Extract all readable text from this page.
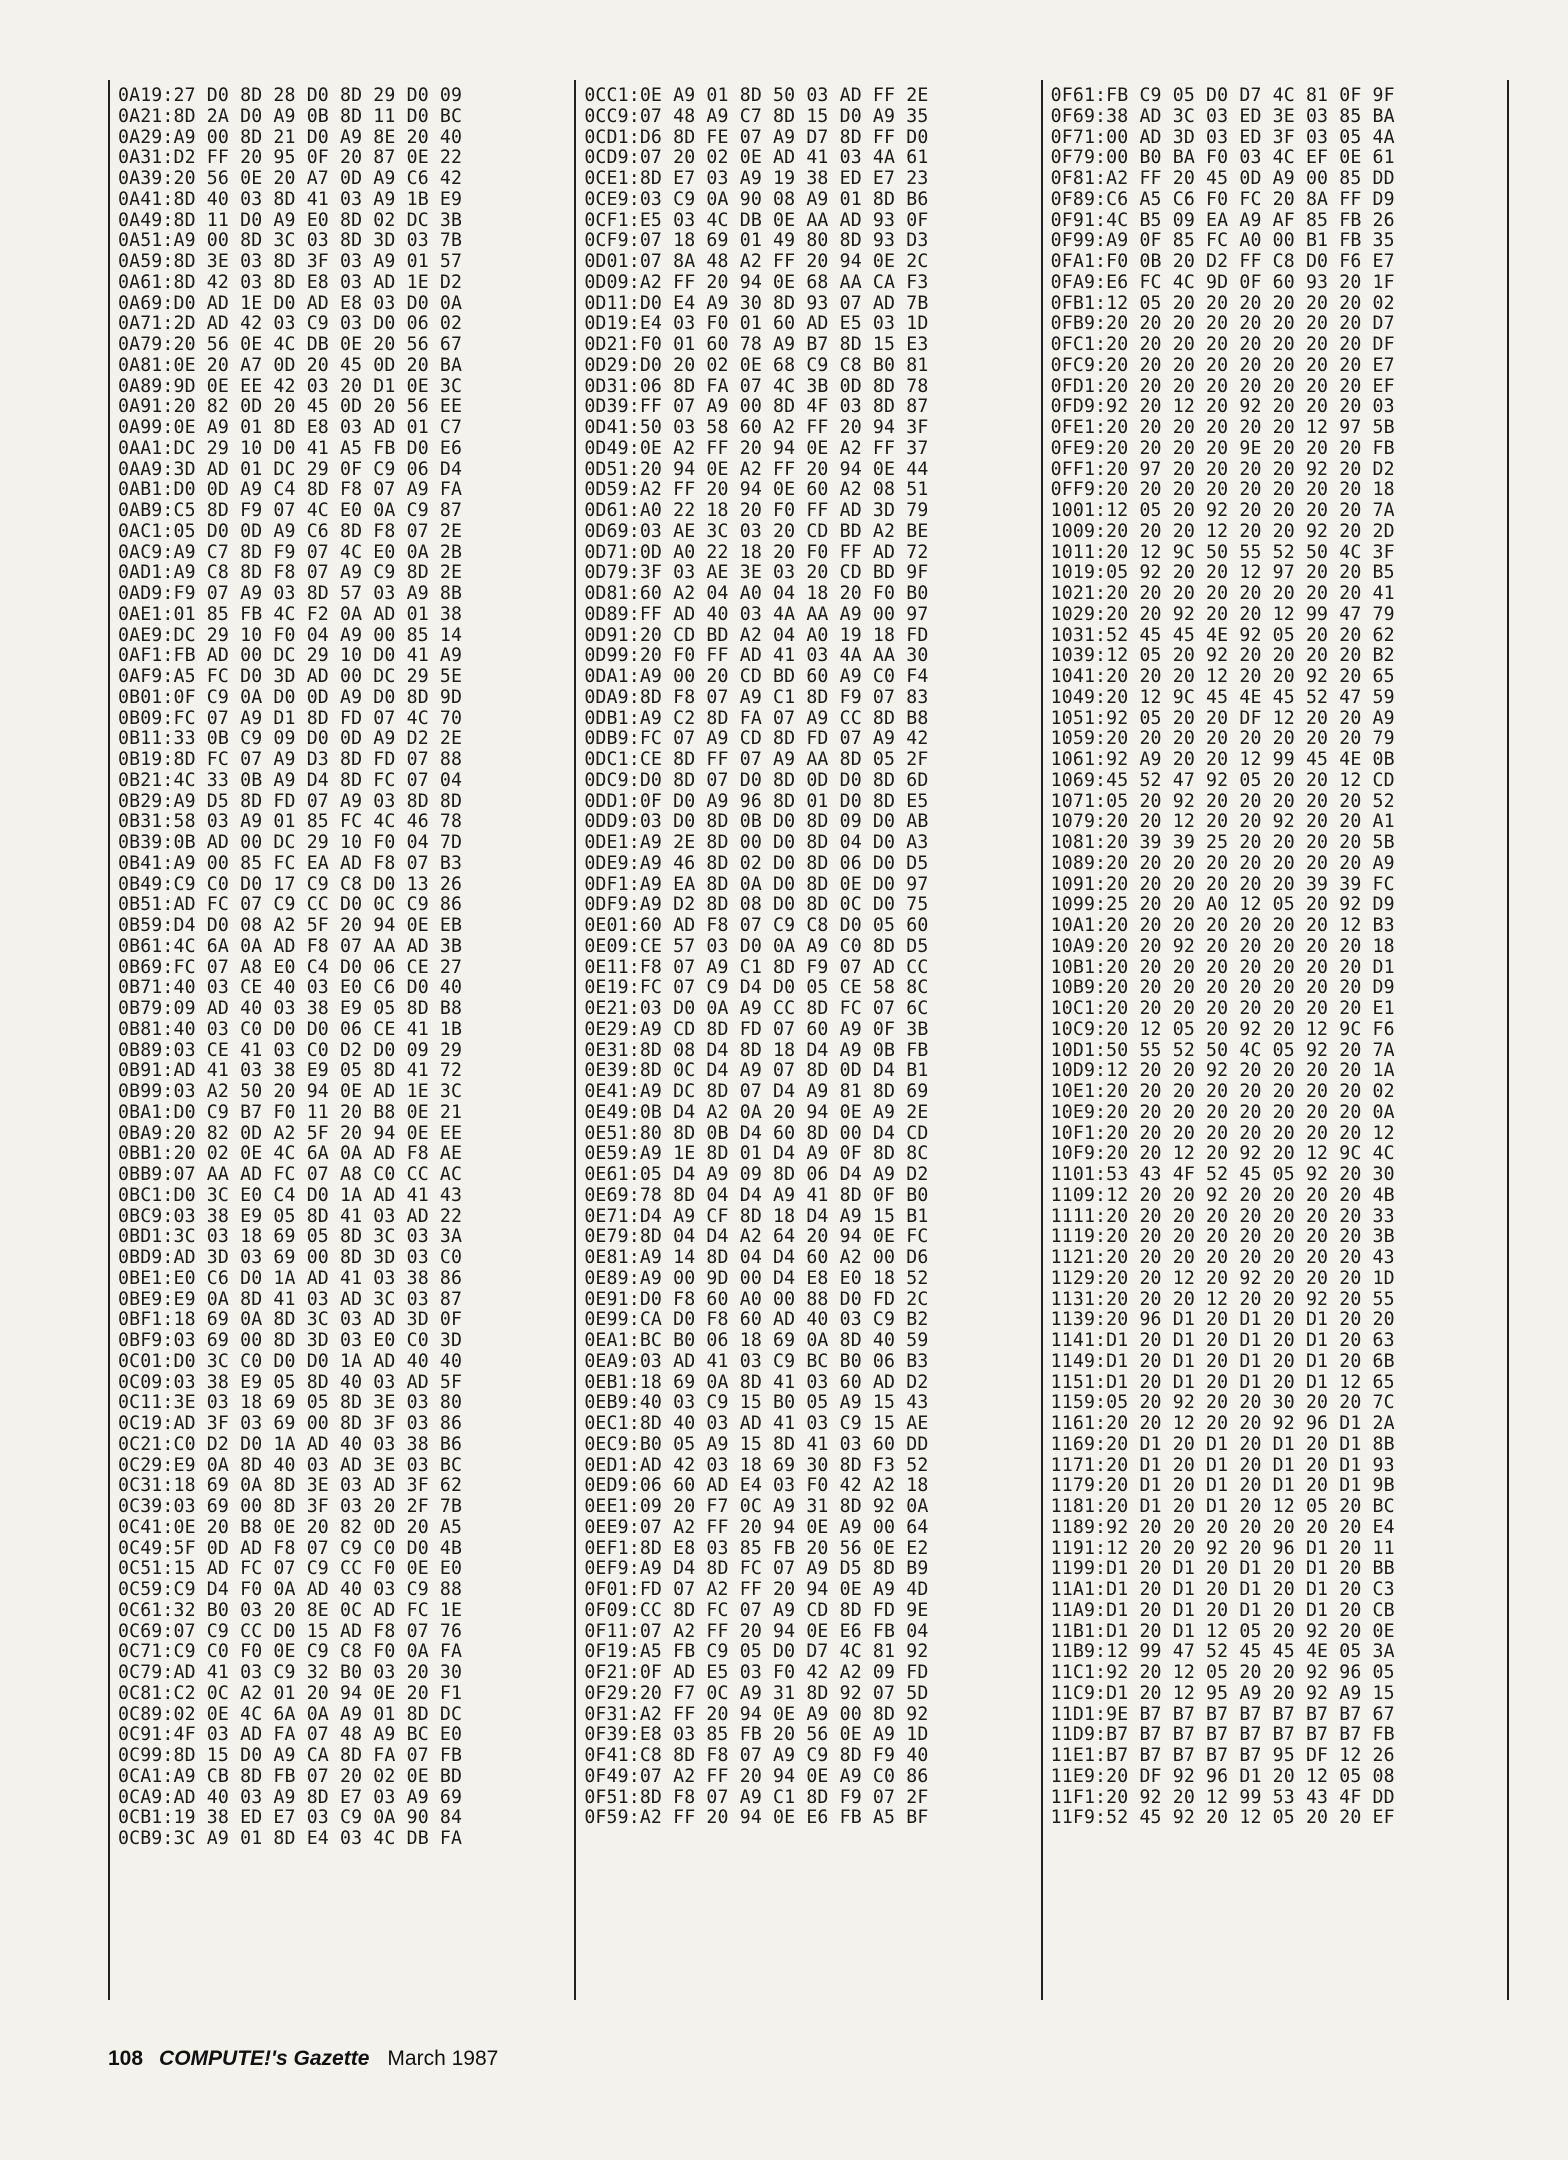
0A19:27 D0 8D 28 D0 8D 29 D0 09
0A21:8D 2A D0 A9 0B 8D 11 D0 BC
0A29:A9 00 8D 21 D0 A9 8E 20 40
0A31:D2 FF 20 95 0F 20 87 0E 22
0A39:20 56 0E 20 A7 0D A9 C6 42
0A41:8D 40 03 8D 41 03 A9 1B E9
0A49:8D 11 D0 A9 E0 8D 02 DC 3B
0A51:A9 00 8D 3C 03 8D 3D 03 7B
0A59:8D 3E 03 8D 3F 03 A9 01 57
0A61:8D 42 03 8D E8 03 AD 1E D2
0A69:D0 AD 1E D0 AD E8 03 D0 0A
0A71:2D AD 42 03 C9 03 D0 06 02
0A79:20 56 0E 4C DB 0E 20 56 67
0A81:0E 20 A7 0D 20 45 0D 20 BA
0A89:9D 0E EE 42 03 20 D1 0E 3C
0A91:20 82 0D 20 45 0D 20 56 EE
0A99:0E A9 01 8D E8 03 AD 01 C7
0AA1:DC 29 10 D0 41 A5 FB D0 E6
0AA9:3D AD 01 DC 29 0F C9 06 D4
0AB1:D0 0D A9 C4 8D F8 07 A9 FA
0AB9:C5 8D F9 07 4C E0 0A C9 87
0AC1:05 D0 0D A9 C6 8D F8 07 2E
0AC9:A9 C7 8D F9 07 4C E0 0A 2B
0AD1:A9 C8 8D F8 07 A9 C9 8D 2E
0AD9:F9 07 A9 03 8D 57 03 A9 8B
0AE1:01 85 FB 4C F2 0A AD 01 38
0AE9:DC 29 10 F0 04 A9 00 85 14
0AF1:FB AD 00 DC 29 10 D0 41 A9
0AF9:A5 FC D0 3D AD 00 DC 29 5E
0B01:0F C9 0A D0 0D A9 D0 8D 9D
0B09:FC 07 A9 D1 8D FD 07 4C 70
0B11:33 0B C9 09 D0 0D A9 D2 2E
0B19:8D FC 07 A9 D3 8D FD 07 88
0B21:4C 33 0B A9 D4 8D FC 07 04
0B29:A9 D5 8D FD 07 A9 03 8D 8D
0B31:58 03 A9 01 85 FC 4C 46 78
0B39:0B AD 00 DC 29 10 F0 04 7D
0B41:A9 00 85 FC EA AD F8 07 B3
0B49:C9 C0 D0 17 C9 C8 D0 13 26
0B51:AD FC 07 C9 CC D0 0C C9 86
0B59:D4 D0 08 A2 5F 20 94 0E EB
0B61:4C 6A 0A AD F8 07 AA AD 3B
0B69:FC 07 A8 E0 C4 D0 06 CE 27
0B71:40 03 CE 40 03 E0 C6 D0 40
0B79:09 AD 40 03 38 E9 05 8D B8
0B81:40 03 C0 D0 D0 06 CE 41 1B
0B89:03 CE 41 03 C0 D2 D0 09 29
0B91:AD 41 03 38 E9 05 8D 41 72
0B99:03 A2 50 20 94 0E AD 1E 3C
0BA1:D0 C9 B7 F0 11 20 B8 0E 21
0BA9:20 82 0D A2 5F 20 94 0E EE
0BB1:20 02 0E 4C 6A 0A AD F8 AE
0BB9:07 AA AD FC 07 A8 C0 CC AC
0BC1:D0 3C E0 C4 D0 1A AD 41 43
0BC9:03 38 E9 05 8D 41 03 AD 22
0BD1:3C 03 18 69 05 8D 3C 03 3A
0BD9:AD 3D 03 69 00 8D 3D 03 C0
0BE1:E0 C6 D0 1A AD 41 03 38 86
0BE9:E9 0A 8D 41 03 AD 3C 03 87
0BF1:18 69 0A 8D 3C 03 AD 3D 0F
0BF9:03 69 00 8D 3D 03 E0 C0 3D
0C01:D0 3C C0 D0 D0 1A AD 40 40
0C09:03 38 E9 05 8D 40 03 AD 5F
0C11:3E 03 18 69 05 8D 3E 03 80
0C19:AD 3F 03 69 00 8D 3F 03 86
0C21:C0 D2 D0 1A AD 40 03 38 B6
0C29:E9 0A 8D 40 03 AD 3E 03 BC
0C31:18 69 0A 8D 3E 03 AD 3F 62
0C39:03 69 00 8D 3F 03 20 2F 7B
0C41:0E 20 B8 0E 20 82 0D 20 A5
0C49:5F 0D AD F8 07 C9 C0 D0 4B
0C51:15 AD FC 07 C9 CC F0 0E E0
0C59:C9 D4 F0 0A AD 40 03 C9 88
0C61:32 B0 03 20 8E 0C AD FC 1E
0C69:07 C9 CC D0 15 AD F8 07 76
0C71:C9 C0 F0 0E C9 C8 F0 0A FA
0C79:AD 41 03 C9 32 B0 03 20 30
0C81:C2 0C A2 01 20 94 0E 20 F1
0C89:02 0E 4C 6A 0A A9 01 8D DC
0C91:4F 03 AD FA 07 48 A9 BC E0
0C99:8D 15 D0 A9 CA 8D FA 07 FB
0CA1:A9 CB 8D FB 07 20 02 0E BD
0CA9:AD 40 03 A9 8D E7 03 A9 69
0CB1:19 38 ED E7 03 C9 0A 90 84
0CB9:3C A9 01 8D E4 03 4C DB FA
0CC1:0E A9 01 8D 50 03 AD FF 2E
0CC9:07 48 A9 C7 8D 15 D0 A9 35
0CD1:D6 8D FE 07 A9 D7 8D FF D0
0CD9:07 20 02 0E AD 41 03 4A 61
0CE1:8D E7 03 A9 19 38 ED E7 23
0CE9:03 C9 0A 90 08 A9 01 8D B6
0CF1:E5 03 4C DB 0E AA AD 93 0F
0CF9:07 18 69 01 49 80 8D 93 D3
0D01:07 8A 48 A2 FF 20 94 0E 2C
0D09:A2 FF 20 94 0E 68 AA CA F3
0D11:D0 E4 A9 30 8D 93 07 AD 7B
0D19:E4 03 F0 01 60 AD E5 03 1D
0D21:F0 01 60 78 A9 B7 8D 15 E3
0D29:D0 20 02 0E 68 C9 C8 B0 81
0D31:06 8D FA 07 4C 3B 0D 8D 78
0D39:FF 07 A9 00 8D 4F 03 8D 87
0D41:50 03 58 60 A2 FF 20 94 3F
0D49:0E A2 FF 20 94 0E A2 FF 37
0D51:20 94 0E A2 FF 20 94 0E 44
0D59:A2 FF 20 94 0E 60 A2 08 51
0D61:A0 22 18 20 F0 FF AD 3D 79
0D69:03 AE 3C 03 20 CD BD A2 BE
0D71:0D A0 22 18 20 F0 FF AD 72
0D79:3F 03 AE 3E 03 20 CD BD 9F
0D81:60 A2 04 A0 04 18 20 F0 B0
0D89:FF AD 40 03 4A AA A9 00 97
0D91:20 CD BD A2 04 A0 19 18 FD
0D99:20 F0 FF AD 41 03 4A AA 30
0DA1:A9 00 20 CD BD 60 A9 C0 F4
0DA9:8D F8 07 A9 C1 8D F9 07 83
0DB1:A9 C2 8D FA 07 A9 CC 8D B8
0DB9:FC 07 A9 CD 8D FD 07 A9 42
0DC1:CE 8D FF 07 A9 AA 8D 05 2F
0DC9:D0 8D 07 D0 8D 0D D0 8D 6D
0DD1:0F D0 A9 96 8D 01 D0 8D E5
0DD9:03 D0 8D 0B D0 8D 09 D0 AB
0DE1:A9 2E 8D 00 D0 8D 04 D0 A3
0DE9:A9 46 8D 02 D0 8D 06 D0 D5
0DF1:A9 EA 8D 0A D0 8D 0E D0 97
0DF9:A9 D2 8D 08 D0 8D 0C D0 75
0E01:60 AD F8 07 C9 C8 D0 05 60
0E09:CE 57 03 D0 0A A9 C0 8D D5
0E11:F8 07 A9 C1 8D F9 07 AD CC
0E19:FC 07 C9 D4 D0 05 CE 58 8C
0E21:03 D0 0A A9 CC 8D FC 07 6C
0E29:A9 CD 8D FD 07 60 A9 0F 3B
0E31:8D 08 D4 8D 18 D4 A9 0B FB
0E39:8D 0C D4 A9 07 8D 0D D4 B1
0E41:A9 DC 8D 07 D4 A9 81 8D 69
0E49:0B D4 A2 0A 20 94 0E A9 2E
0E51:80 8D 0B D4 60 8D 00 D4 CD
0E59:A9 1E 8D 01 D4 A9 0F 8D 8C
0E61:05 D4 A9 09 8D 06 D4 A9 D2
0E69:78 8D 04 D4 A9 41 8D 0F B0
0E71:D4 A9 CF 8D 18 D4 A9 15 B1
0E79:8D 04 D4 A2 64 20 94 0E FC
0E81:A9 14 8D 04 D4 60 A2 00 D6
0E89:A9 00 9D 00 D4 E8 E0 18 52
0E91:D0 F8 60 A0 00 88 D0 FD 2C
0E99:CA D0 F8 60 AD 40 03 C9 B2
0EA1:BC B0 06 18 69 0A 8D 40 59
0EA9:03 AD 41 03 C9 BC B0 06 B3
0EB1:18 69 0A 8D 41 03 60 AD D2
0EB9:40 03 C9 15 B0 05 A9 15 43
0EC1:8D 40 03 AD 41 03 C9 15 AE
0EC9:B0 05 A9 15 8D 41 03 60 DD
0ED1:AD 42 03 18 69 30 8D F3 52
0ED9:06 60 AD E4 03 F0 42 A2 18
0EE1:09 20 F7 0C A9 31 8D 92 0A
0EE9:07 A2 FF 20 94 0E A9 00 64
0EF1:8D E8 03 85 FB 20 56 0E E2
0EF9:A9 D4 8D FC 07 A9 D5 8D B9
0F01:FD 07 A2 FF 20 94 0E A9 4D
0F09:CC 8D FC 07 A9 CD 8D FD 9E
0F11:07 A2 FF 20 94 0E E6 FB 04
0F19:A5 FB C9 05 D0 D7 4C 81 92
0F21:0F AD E5 03 F0 42 A2 09 FD
0F29:20 F7 0C A9 31 8D 92 07 5D
0F31:A2 FF 20 94 0E A9 00 8D 92
0F39:E8 03 85 FB 20 56 0E A9 1D
0F41:C8 8D F8 07 A9 C9 8D F9 40
0F49:07 A2 FF 20 94 0E A9 C0 86
0F51:8D F8 07 A9 C1 8D F9 07 2F
0F59:A2 FF 20 94 0E E6 FB A5 BF
0F61:FB C9 05 D0 D7 4C 81 0F 9F
0F69:38 AD 3C 03 ED 3E 03 85 BA
0F71:00 AD 3D 03 ED 3F 03 05 4A
0F79:00 B0 BA F0 03 4C EF 0E 61
0F81:A2 FF 20 45 0D A9 00 85 DD
0F89:C6 A5 C6 F0 FC 20 8A FF D9
0F91:4C B5 09 EA A9 AF 85 FB 26
0F99:A9 0F 85 FC A0 00 B1 FB 35
0FA1:F0 0B 20 D2 FF C8 D0 F6 E7
0FA9:E6 FC 4C 9D 0F 60 93 20 1F
0FB1:12 05 20 20 20 20 20 20 02
0FB9:20 20 20 20 20 20 20 20 D7
0FC1:20 20 20 20 20 20 20 20 DF
0FC9:20 20 20 20 20 20 20 20 E7
0FD1:20 20 20 20 20 20 20 20 EF
0FD9:92 20 12 20 92 20 20 20 03
0FE1:20 20 20 20 20 20 12 97 5B
0FE9:20 20 20 20 9E 20 20 20 FB
0FF1:20 97 20 20 20 20 92 20 D2
0FF9:20 20 20 20 20 20 20 20 18
1001:12 05 20 92 20 20 20 20 7A
1009:20 20 20 12 20 20 92 20 2D
1011:20 12 9C 50 55 52 50 4C 3F
1019:05 92 20 20 12 97 20 20 B5
1021:20 20 20 20 20 20 20 20 41
1029:20 20 92 20 20 12 99 47 79
1031:52 45 45 4E 92 05 20 20 62
1039:12 05 20 92 20 20 20 20 B2
1041:20 20 20 12 20 20 92 20 65
1049:20 12 9C 45 4E 45 52 47 59
1051:92 05 20 20 DF 12 20 20 A9
1059:20 20 20 20 20 20 20 20 79
1061:92 A9 20 20 12 99 45 4E 0B
1069:45 52 47 92 05 20 20 12 CD
1071:05 20 92 20 20 20 20 20 52
1079:20 20 12 20 20 92 20 20 A1
1081:20 39 39 25 20 20 20 20 5B
1089:20 20 20 20 20 20 20 20 A9
1091:20 20 20 20 20 20 39 39 FC
1099:25 20 20 A0 12 05 20 92 D9
10A1:20 20 20 20 20 20 20 12 B3
10A9:20 20 92 20 20 20 20 20 18
10B1:20 20 20 20 20 20 20 20 D1
10B9:20 20 20 20 20 20 20 20 D9
10C1:20 20 20 20 20 20 20 20 E1
10C9:20 12 05 20 92 20 12 9C F6
10D1:50 55 52 50 4C 05 92 20 7A
10D9:12 20 20 92 20 20 20 20 1A
10E1:20 20 20 20 20 20 20 20 02
10E9:20 20 20 20 20 20 20 20 0A
10F1:20 20 20 20 20 20 20 20 12
10F9:20 20 12 20 92 20 12 9C 4C
1101:53 43 4F 52 45 05 92 20 30
1109:12 20 20 92 20 20 20 20 4B
1111:20 20 20 20 20 20 20 20 33
1119:20 20 20 20 20 20 20 20 3B
1121:20 20 20 20 20 20 20 20 43
1129:20 20 12 20 92 20 20 20 1D
1131:20 20 20 12 20 20 92 20 55
1139:20 96 D1 20 D1 20 D1 20 20
1141:D1 20 D1 20 D1 20 D1 20 63
1149:D1 20 D1 20 D1 20 D1 20 6B
1151:D1 20 D1 20 D1 20 D1 12 65
1159:05 20 92 20 20 30 20 20 7C
1161:20 20 12 20 20 92 96 D1 2A
1169:20 D1 20 D1 20 D1 20 D1 8B
1171:20 D1 20 D1 20 D1 20 D1 93
1179:20 D1 20 D1 20 D1 20 D1 9B
1181:20 D1 20 D1 20 12 05 20 BC
1189:92 20 20 20 20 20 20 20 E4
1191:12 20 20 92 20 96 D1 20 11
1199:D1 20 D1 20 D1 20 D1 20 BB
11A1:D1 20 D1 20 D1 20 D1 20 C3
11A9:D1 20 D1 20 D1 20 D1 20 CB
11B1:D1 20 D1 12 05 20 92 20 0E
11B9:12 99 47 52 45 45 4E 05 3A
11C1:92 20 12 05 20 20 92 96 05
11C9:D1 20 12 95 A9 20 92 A9 15
11D1:9E B7 B7 B7 B7 B7 B7 B7 67
11D9:B7 B7 B7 B7 B7 B7 B7 B7 FB
11E1:B7 B7 B7 B7 B7 95 DF 12 26
11E9:20 DF 92 96 D1 20 12 05 08
11F1:20 92 20 12 99 53 43 4F DD
11F9:52 45 92 20 12 05 20 20 EF
108 COMPUTE!'s Gazette March 1987
